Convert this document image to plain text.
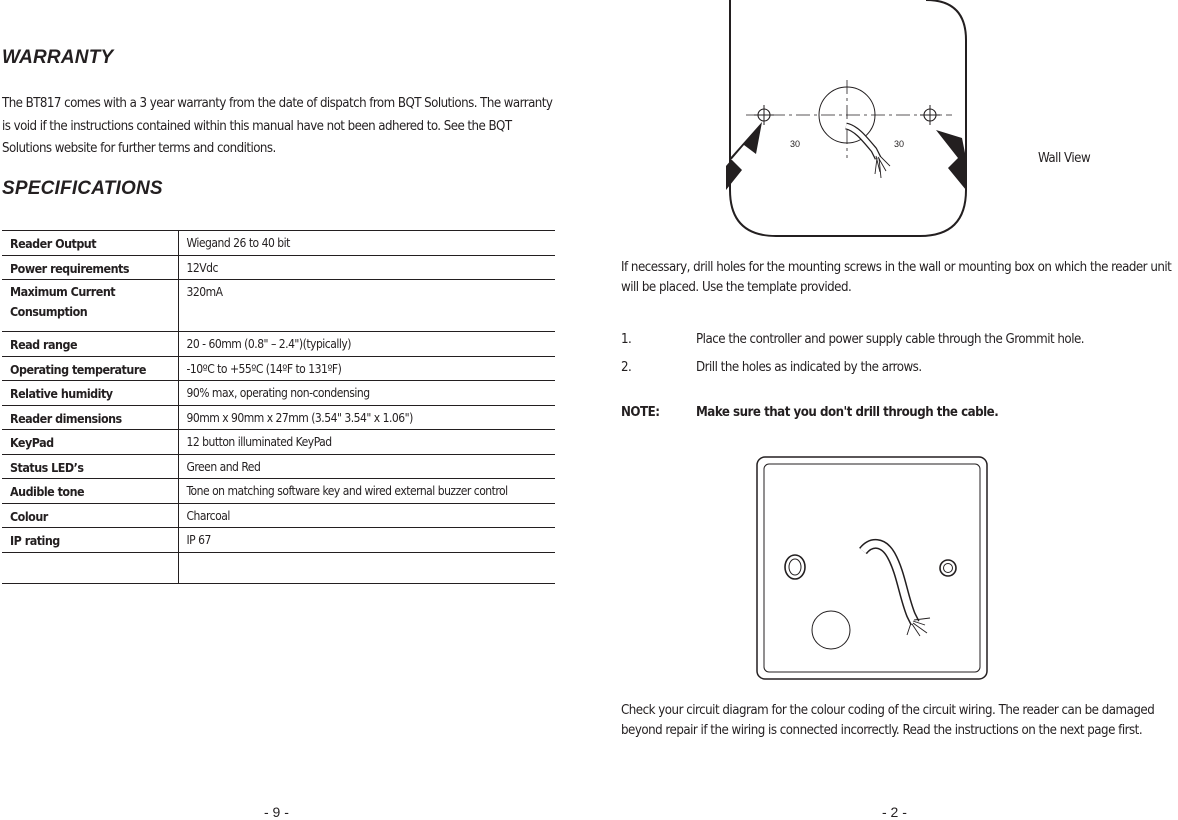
WARRANTY

The BT817 comes with a 3 year warranty from the date of dispatch from BQT Solutions. The warranty is void if the instructions contained within this manual have not been adhered to. See the BQT Solutions website for further terms and conditions.

SPECIFICATIONS
Reader Output	Wiegand 26 to 40 bit
Power requirements	12Vdc
Maximum Current Consumption	320mA
Read range	20 - 60mm (0.8" – 2.4")(typically)
Operating temperature	-10ºC to +55ºC (14ºF to 131ºF)
Relative humidity	90% max, operating non-condensing
Reader dimensions	90mm x 90mm x 27mm (3.54" 3.54" x 1.06")
KeyPad	12 button illuminated KeyPad
Status LED’s	Green and Red
Audible tone	Tone on matching software key and wired external buzzer control
Colour	Charcoal
IP rating	IP 67

- 9 -
30	30
Wall View

If necessary, drill holes for the mounting screws in the wall or mounting box on which the reader unit will be placed. Use the template provided.

1.	Place the controller and power supply cable through the Grommit hole.
2.	Drill the holes as indicated by the arrows.
NOTE:	Make sure that you don't drill through the cable.

Check your circuit diagram for the colour coding of the circuit wiring. The reader can be damaged beyond repair if the wiring is connected incorrectly. Read the instructions on the next page first.

- 2 -
